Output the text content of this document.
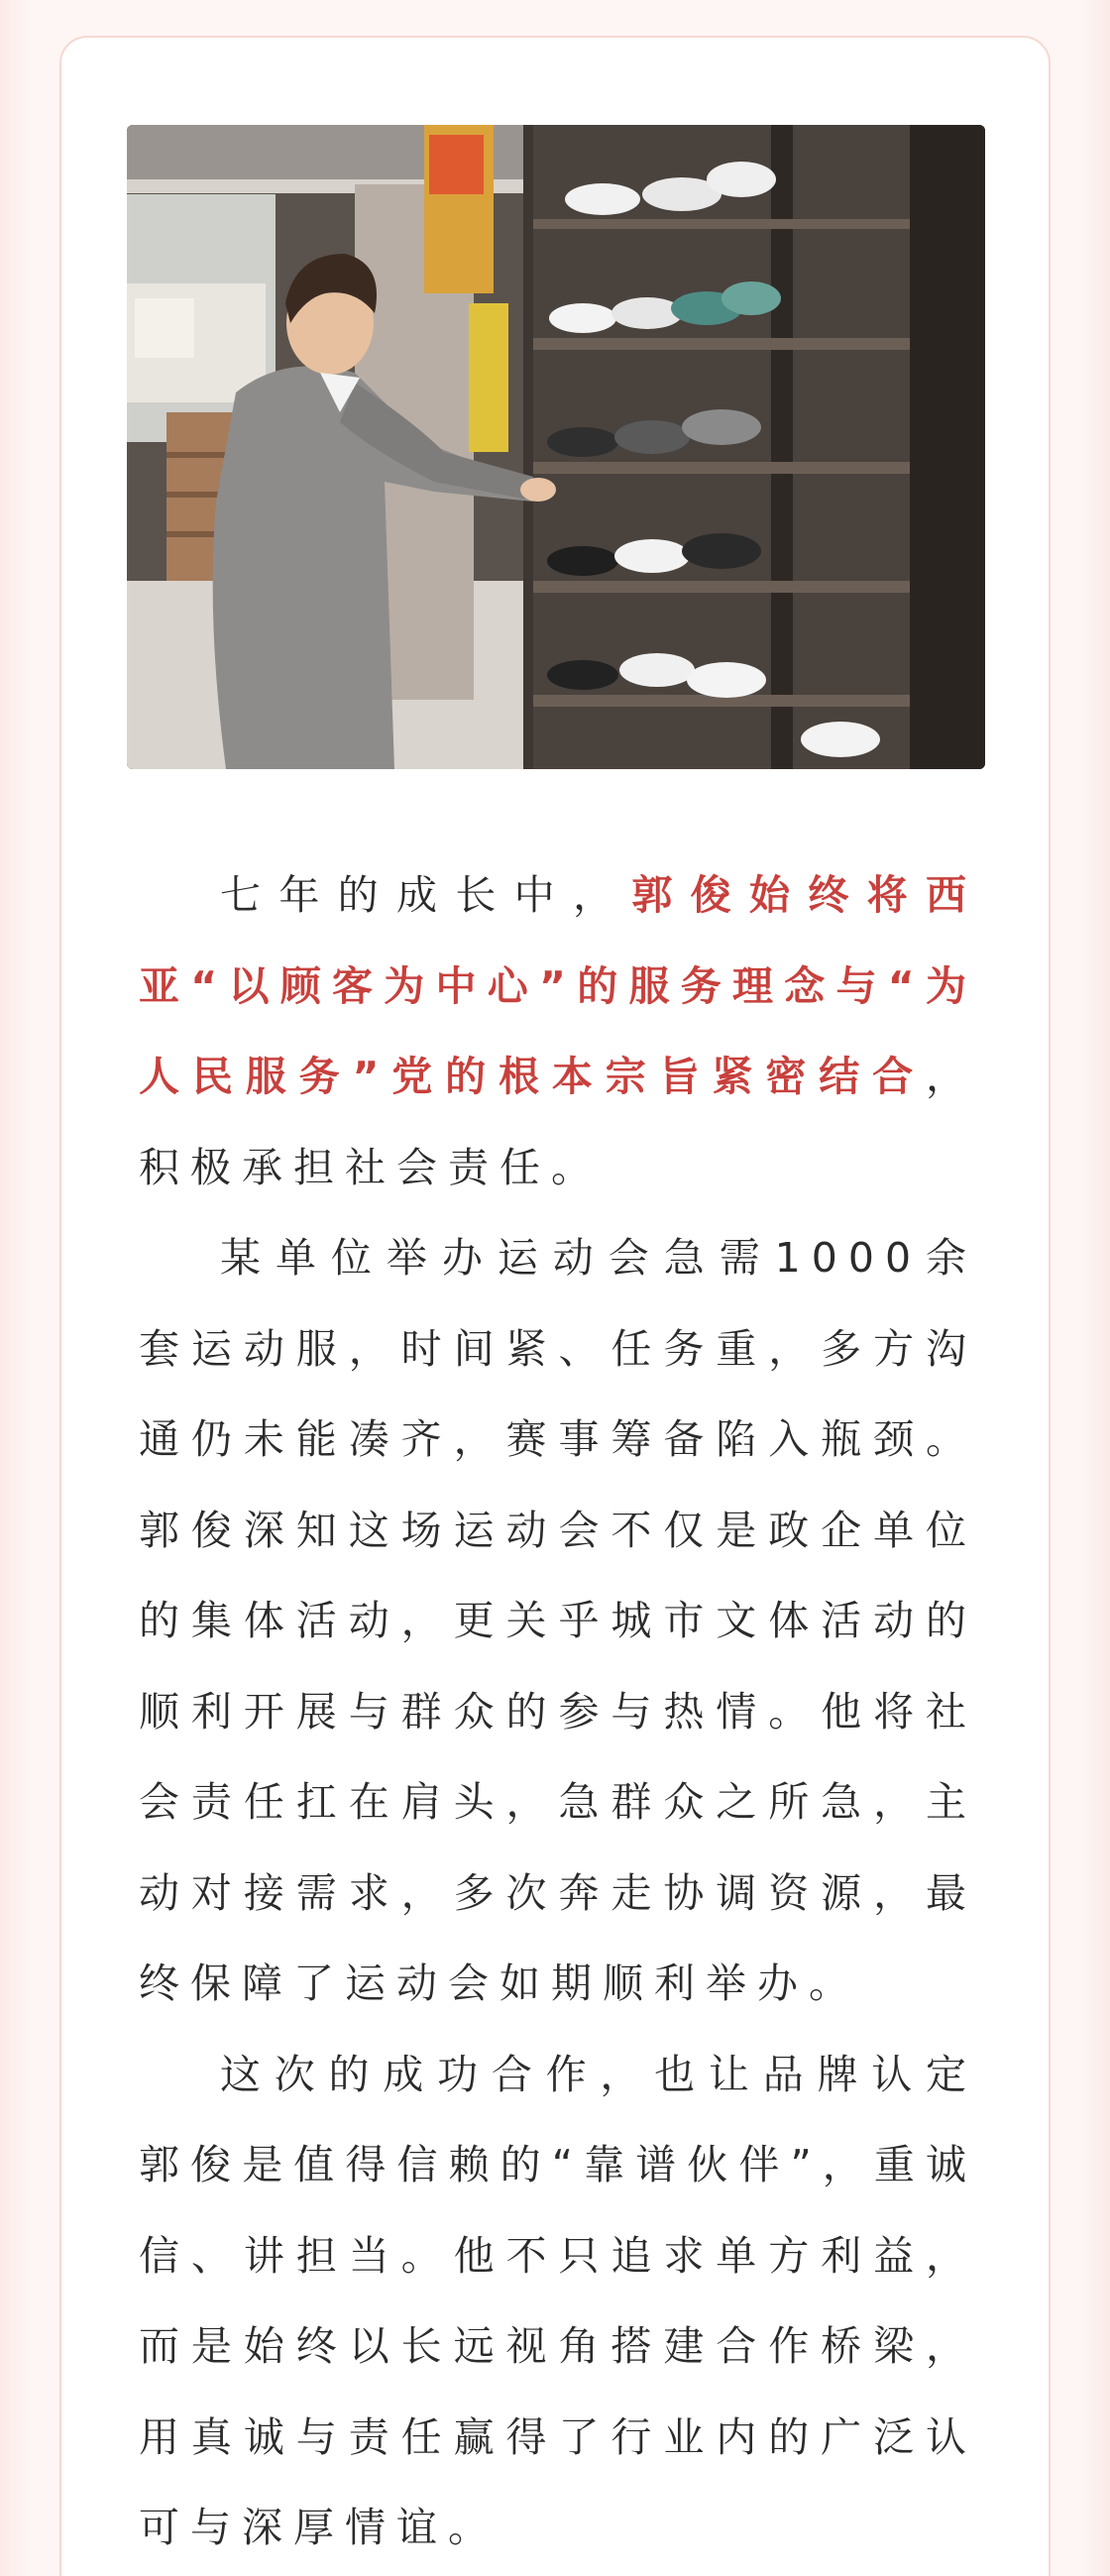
七年的成长中，郭俊始终将西亚“以顾客为中心”的服务理念与“为人民服务”党的根本宗旨紧密结合，积极承担社会责任。

某单位举办运动会急需1000余套运动服，时间紧、任务重，多方沟通仍未能凑齐，赛事筹备陷入瓶颈。郭俊深知这场运动会不仅是政企单位的集体活动，更关乎城市文体活动的顺利开展与群众的参与热情。他将社会责任扛在肩头，急群众之所急，主动对接需求，多次奔走协调资源，最终保障了运动会如期顺利举办。

这次的成功合作，也让品牌认定郭俊是值得信赖的“靠谱伙伴”，重诚信、讲担当。他不只追求单方利益，而是始终以长远视角搭建合作桥梁，用真诚与责任赢得了行业内的广泛认可与深厚情谊。
